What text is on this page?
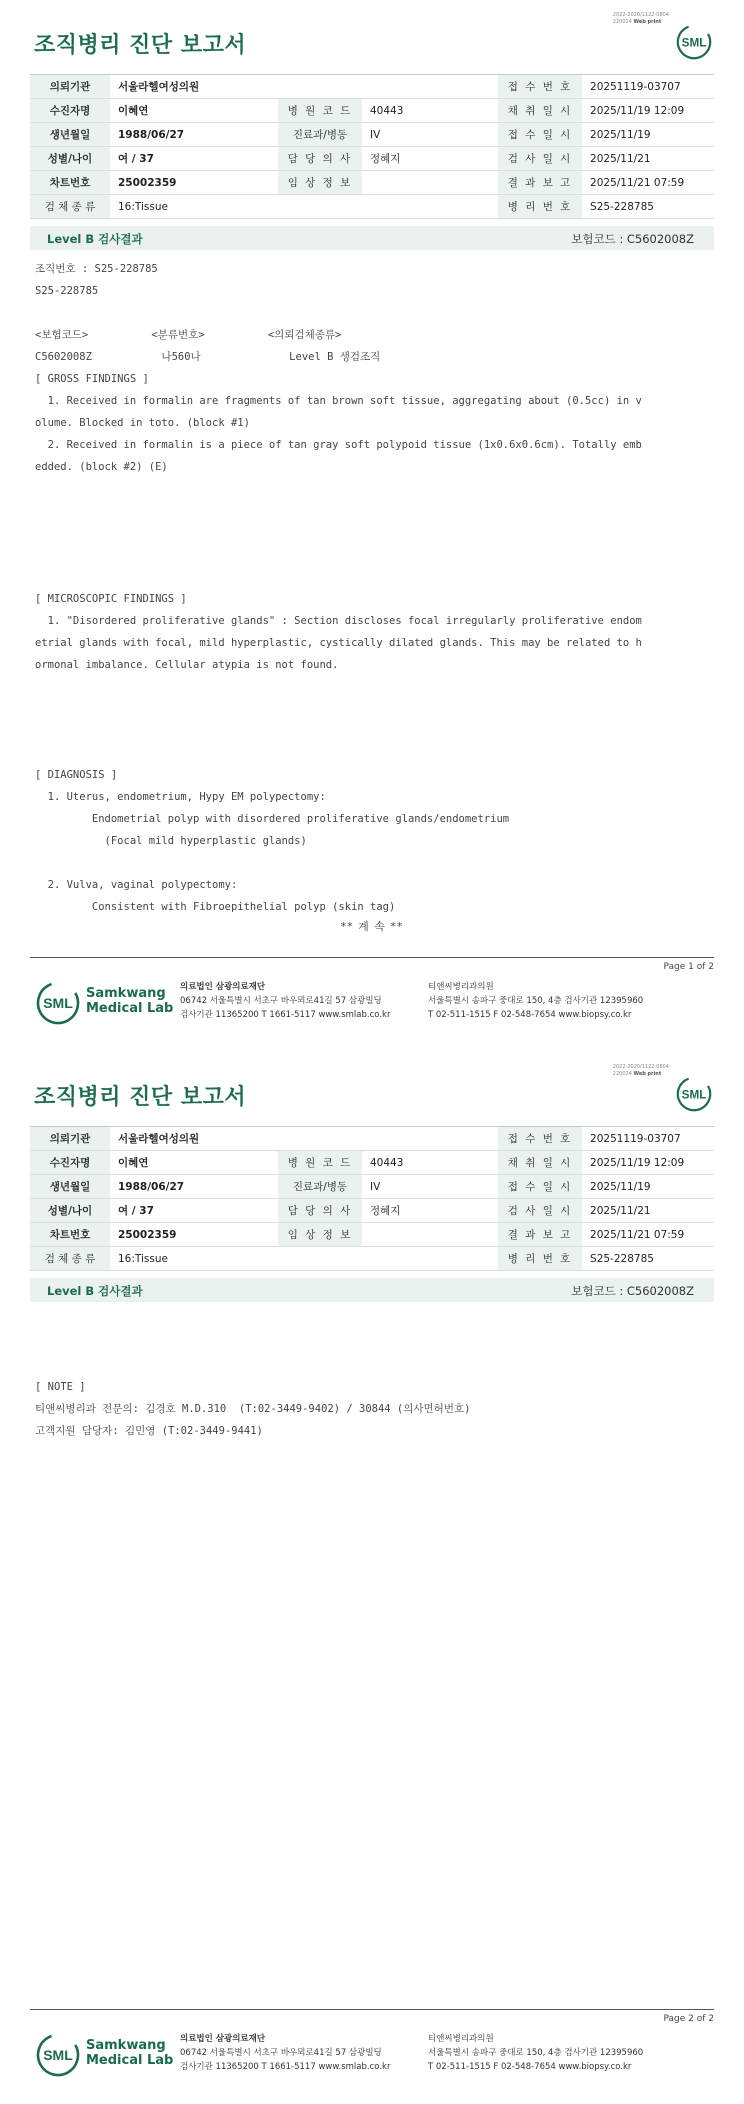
2022-2020/1122-0804
220024 Web print
조직병리 진단 보고서	SML
의뢰기관	서울라헬여성의원			접 수 번 호	20251119-03707
수진자명	이혜연	병 원 코 드	40443	채 취 일 시	2025/11/19 12:09
생년월일	1988/06/27	진료과/병동	IV	접 수 일 시	2025/11/19
성별/나이	여 / 37	담 당 의 사	정혜지	검 사 일 시	2025/11/21
차트번호	25002359	임 상 정 보		결 과 보 고	2025/11/21 07:59
검 체 종 류	16:Tissue			병 리 번 호	S25-228785
Level B 검사결과	보험코드 : C5602008Z
조직번호 : S25-228785
S25-228785
<보험코드>          <분류번호>          <의뢰검체종류>
C5602008Z           나560나              Level B 생검조직
[ GROSS FINDINGS ]
1. Received in formalin are fragments of tan brown soft tissue, aggregating about (0.5cc) in v
olume. Blocked in toto. (block #1)
2. Received in formalin is a piece of tan gray soft polypoid tissue (1x0.6x0.6cm). Totally emb
edded. (block #2) (E)
[ MICROSCOPIC FINDINGS ]
1. "Disordered proliferative glands" : Section discloses focal irregularly proliferative endom
etrial glands with focal, mild hyperplastic, cystically dilated glands. This may be related to h
ormonal imbalance. Cellular atypia is not found.
[ DIAGNOSIS ]
1. Uterus, endometrium, Hypy EM polypectomy:
Endometrial polyp with disordered proliferative glands/endometrium
(Focal mild hyperplastic glands)
2. Vulva, vaginal polypectomy:
Consistent with Fibroepithelial polyp (skin tag)
** 계 속 **
Page 1 of 2
SML
Samkwang
Medical Lab
의료법인 삼광의료재단
06742 서울특별시 서초구 바우뫼로41길 57 삼광빌딩
검사기관 11365200 T 1661-5117 www.smlab.co.kr
티앤씨병리과의원
서울특별시 송파구 중대로 150, 4층 검사기관 12395960
T 02-511-1515 F 02-548-7654 www.biopsy.co.kr
2022-2020/1122-0804
220024 Web print
조직병리 진단 보고서	SML
의뢰기관	서울라헬여성의원			접 수 번 호	20251119-03707
수진자명	이혜연	병 원 코 드	40443	채 취 일 시	2025/11/19 12:09
생년월일	1988/06/27	진료과/병동	IV	접 수 일 시	2025/11/19
성별/나이	여 / 37	담 당 의 사	정혜지	검 사 일 시	2025/11/21
차트번호	25002359	임 상 정 보		결 과 보 고	2025/11/21 07:59
검 체 종 류	16:Tissue			병 리 번 호	S25-228785
Level B 검사결과	보험코드 : C5602008Z
[ NOTE ]
티앤씨병리과 전문의: 김경호 M.D.310  (T:02-3449-9402) / 30844 (의사면허번호)
고객지원 담당자: 김민영 (T:02-3449-9441)
Page 2 of 2
SML
Samkwang
Medical Lab
의료법인 삼광의료재단
06742 서울특별시 서초구 바우뫼로41길 57 삼광빌딩
검사기관 11365200 T 1661-5117 www.smlab.co.kr
티앤씨병리과의원
서울특별시 송파구 중대로 150, 4층 검사기관 12395960
T 02-511-1515 F 02-548-7654 www.biopsy.co.kr
